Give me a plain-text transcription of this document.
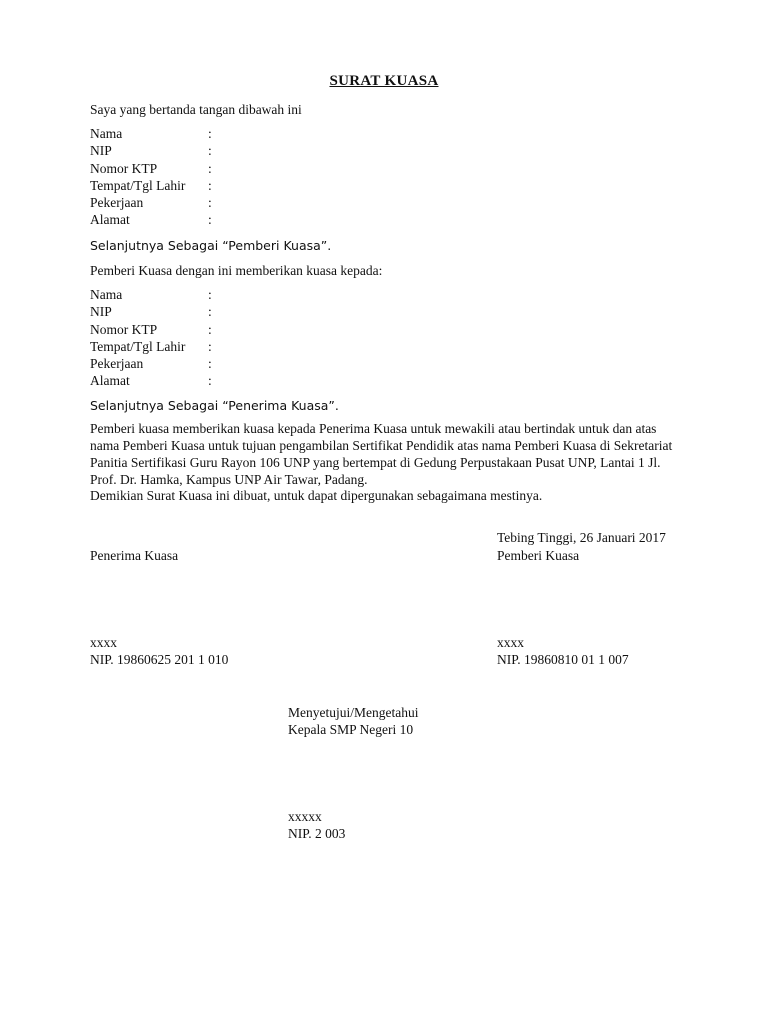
SURAT KUASA

Saya yang bertanda tangan dibawah ini

Nama	:
NIP	:
Nomor KTP	:
Tempat/Tgl Lahir :
Pekerjaan	:
Alamat	:

Selanjutnya Sebagai “Pemberi Kuasa”.

Pemberi Kuasa dengan ini memberikan kuasa kepada:

Nama	:
NIP	:
Nomor KTP	:
Tempat/Tgl Lahir :
Pekerjaan	:
Alamat	:

Selanjutnya Sebagai “Penerima Kuasa”.

Pemberi kuasa memberikan kuasa kepada Penerima Kuasa untuk mewakili atau bertindak untuk dan atas
nama Pemberi Kuasa untuk tujuan pengambilan Sertifikat Pendidik atas nama Pemberi Kuasa di Sekretariat
Panitia Sertifikasi Guru Rayon 106 UNP yang bertempat di Gedung Perpustakaan Pusat UNP, Lantai 1 Jl.
Prof. Dr. Hamka, Kampus UNP Air Tawar, Padang.

Demikian Surat Kuasa ini dibuat, untuk dapat dipergunakan sebagaimana mestinya.

Tebing Tinggi, 26 Januari 2017

Penerima Kuasa	Pemberi Kuasa

xxxx	xxxx

NIP. 19860625 201 1 010	NIP. 19860810 01 1 007

Menyetujui/Mengetahui

Kepala SMP Negeri 10

xxxxx

NIP. 2 003
